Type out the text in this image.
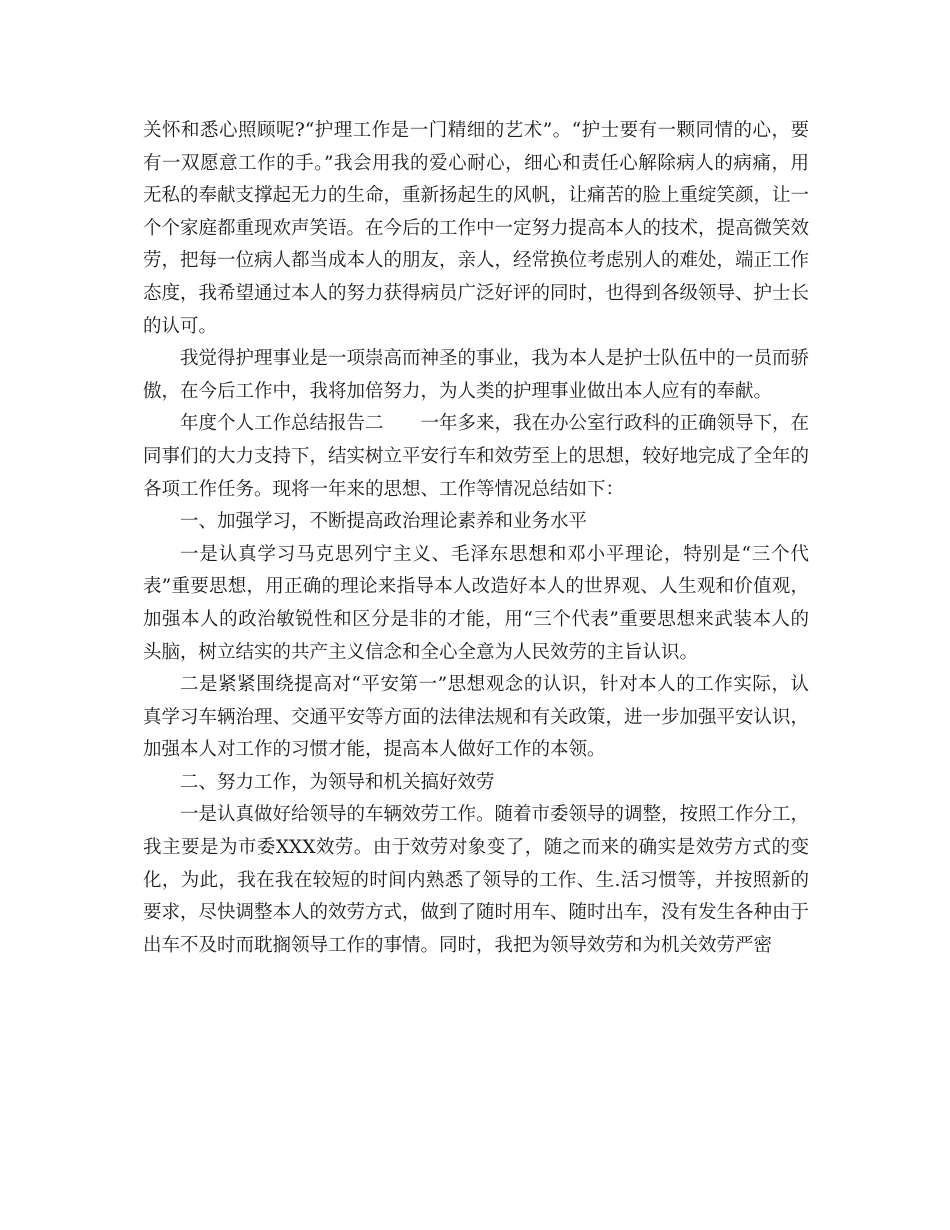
关怀和悉心照顾呢?“护理工作是一门精细的艺术”。“护士要有一颗同情的心，要有一双愿意工作的手。”我会用我的爱心耐心，细心和责任心解除病人的病痛，用无私的奉献支撑起无力的生命，重新扬起生的风帆，让痛苦的脸上重绽笑颜，让一个个家庭都重现欢声笑语。在今后的工作中一定努力提高本人的技术，提高微笑效劳，把每一位病人都当成本人的朋友，亲人，经常换位考虑别人的难处，端正工作态度，我希望通过本人的努力获得病员广泛好评的同时，也得到各级领导、护士长的认可。

我觉得护理事业是一项崇高而神圣的事业，我为本人是护士队伍中的一员而骄傲，在今后工作中，我将加倍努力，为人类的护理事业做出本人应有的奉献。

年度个人工作总结报告二　　一年多来，我在办公室行政科的正确领导下，在同事们的大力支持下，结实树立平安行车和效劳至上的思想，较好地完成了全年的各项工作任务。现将一年来的思想、工作等情况总结如下：

一、加强学习，不断提高政治理论素养和业务水平

一是认真学习马克思列宁主义、毛泽东思想和邓小平理论，特别是“三个代表”重要思想，用正确的理论来指导本人改造好本人的世界观、人生观和价值观，加强本人的政治敏锐性和区分是非的才能，用“三个代表”重要思想来武装本人的头脑，树立结实的共产主义信念和全心全意为人民效劳的主旨认识。

二是紧紧围绕提高对“平安第一”思想观念的认识，针对本人的工作实际，认真学习车辆治理、交通平安等方面的法律法规和有关政策，进一步加强平安认识，加强本人对工作的习惯才能，提高本人做好工作的本领。

二、努力工作，为领导和机关搞好效劳

一是认真做好给领导的车辆效劳工作。随着市委领导的调整，按照工作分工，我主要是为市委XXX效劳。由于效劳对象变了，随之而来的确实是效劳方式的变化，为此，我在我在较短的时间内熟悉了领导的工作、生.活习惯等，并按照新的要求，尽快调整本人的效劳方式，做到了随时用车、随时出车，没有发生各种由于出车不及时而耽搁领导工作的事情。同时，我把为领导效劳和为机关效劳严密
